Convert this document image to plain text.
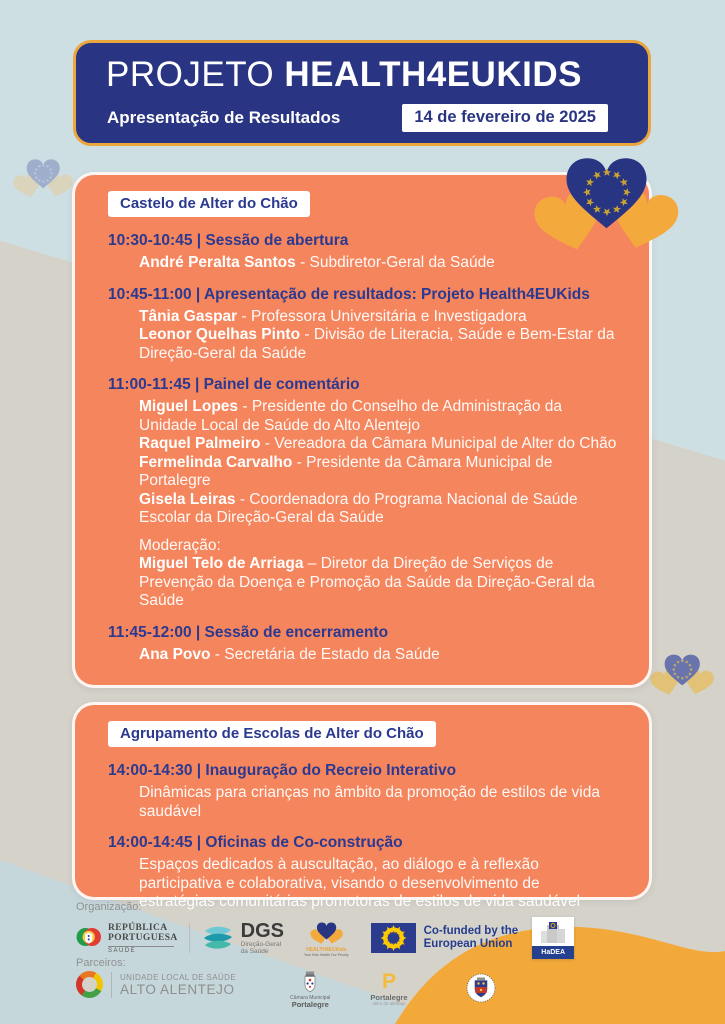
PROJETO HEALTH4EUKIDS
Apresentação de Resultados	14 de fevereiro de 2025
Castelo de Alter do Chão
10:30-10:45 | Sessão de abertura
André Peralta Santos - Subdiretor-Geral da Saúde
10:45-11:00 | Apresentação de resultados: Projeto Health4EUKids
Tânia Gaspar - Professora Universitária e Investigadora
Leonor Quelhas Pinto - Divisão de Literacia, Saúde e Bem-Estar da Direção-Geral da Saúde
11:00-11:45 | Painel de comentário
Miguel Lopes - Presidente do Conselho de Administração da Unidade Local de Saúde do Alto Alentejo
Raquel Palmeiro - Vereadora da Câmara Municipal de Alter do Chão
Fermelinda Carvalho - Presidente da Câmara Municipal de Portalegre
Gisela Leiras - Coordenadora do Programa Nacional de Saúde Escolar da Direção-Geral da Saúde
Moderação:
Miguel Telo de Arriaga – Diretor da Direção de Serviços de Prevenção da Doença e Promoção da Saúde da Direção-Geral da Saúde
11:45-12:00 | Sessão de encerramento
Ana Povo - Secretária de Estado da Saúde
Agrupamento de Escolas de Alter do Chão
14:00-14:30 | Inauguração do Recreio Interativo
Dinâmicas para crianças no âmbito da promoção de estilos de vida saudável
14:00-14:45 | Oficinas de Co-construção
Espaços dedicados à auscultação, ao diálogo e à reflexão participativa e colaborativa, visando o desenvolvimento de estratégias comunitárias promotoras de estilos de vida saudável
Organização:
REPÚBLICA
PORTUGUESA
SAÚDE
DGS
Direção-Geral
da Saúde	HEALTH4EUKids
Your Kids Health Our Priority
Co-funded by the
European Union
HaDEA
Parceiros:
UNIDADE LOCAL DE SAÚDE
ALTO ALENTEJO
Câmara Municipal
Portalegre
P
Portalegre
além do alentejo
